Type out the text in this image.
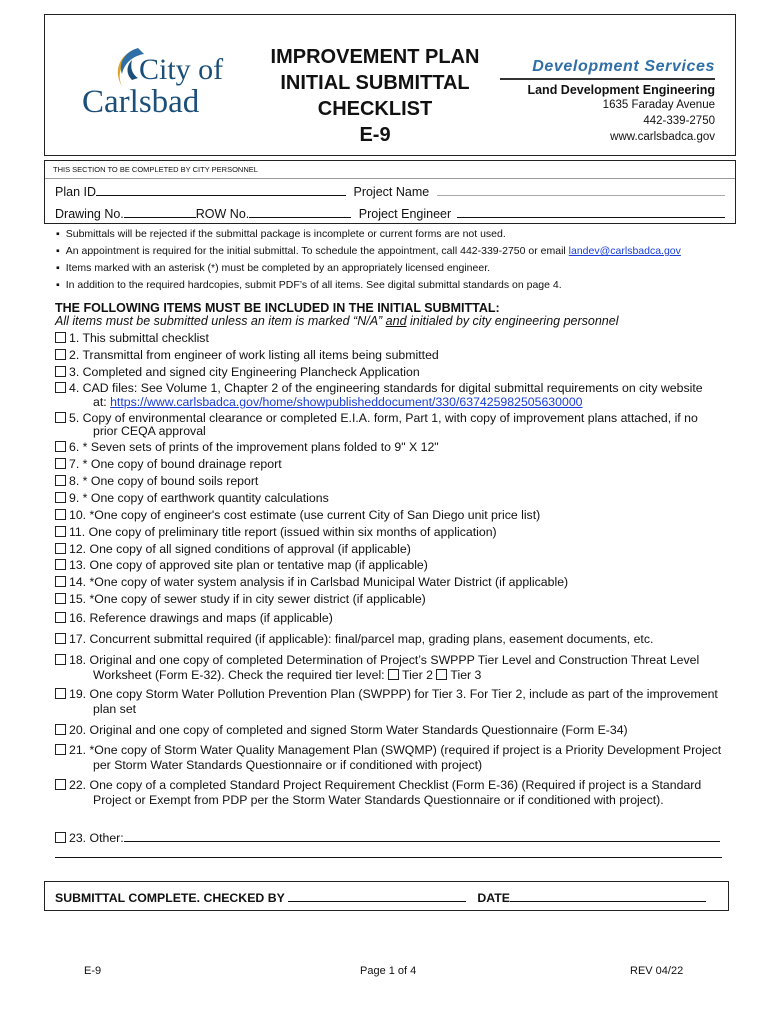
City of
Carlsbad
IMPROVEMENT PLAN
INITIAL SUBMITTAL
CHECKLIST
E-9
Development Services
Land Development Engineering
1635 Faraday Avenue
442-339-2750
www.carlsbadca.gov
THIS SECTION TO BE COMPLETED BY CITY PERSONNEL
Plan ID	Project Name
Drawing No.	ROW No.	Project Engineer
▪ Submittals will be rejected if the submittal package is incomplete or current forms are not used.
▪ An appointment is required for the initial submittal. To schedule the appointment, call 442-339-2750 or email landev@carlsbadca.gov
▪ Items marked with an asterisk (*) must be completed by an appropriately licensed engineer.
▪ In addition to the required hardcopies, submit PDF’s of all items. See digital submittal standards on page 4.
THE FOLLOWING ITEMS MUST BE INCLUDED IN THE INITIAL SUBMITTAL:
All items must be submitted unless an item is marked “N/A” and initialed by city engineering personnel
1. This submittal checklist
2. Transmittal from engineer of work listing all items being submitted
3. Completed and signed city Engineering Plancheck Application
4. CAD files: See Volume 1, Chapter 2 of the engineering standards for digital submittal requirements on city website
at: https://www.carlsbadca.gov/home/showpublisheddocument/330/637425982505630000
5. Copy of environmental clearance or completed E.I.A. form, Part 1, with copy of improvement plans attached, if no
prior CEQA approval
6. * Seven sets of prints of the improvement plans folded to 9" X 12"
7. * One copy of bound drainage report
8. * One copy of bound soils report
9. * One copy of earthwork quantity calculations
10. *One copy of engineer's cost estimate (use current City of San Diego unit price list)
11. One copy of preliminary title report (issued within six months of application)
12. One copy of all signed conditions of approval (if applicable)
13. One copy of approved site plan or tentative map (if applicable)
14. *One copy of water system analysis if in Carlsbad Municipal Water District (if applicable)
15. *One copy of sewer study if in city sewer district (if applicable)
16. Reference drawings and maps (if applicable)
17. Concurrent submittal required (if applicable): final/parcel map, grading plans, easement documents, etc.
18. Original and one copy of completed Determination of Project’s SWPPP Tier Level and Construction Threat Level
Worksheet (Form E-32). Check the required tier level: Tier 2 Tier 3
19. One copy Storm Water Pollution Prevention Plan (SWPPP) for Tier 3. For Tier 2, include as part of the improvement
plan set
20. Original and one copy of completed and signed Storm Water Standards Questionnaire (Form E-34)
21. *One copy of Storm Water Quality Management Plan (SWQMP) (required if project is a Priority Development Project
per Storm Water Standards Questionnaire or if conditioned with project)
22. One copy of a completed Standard Project Requirement Checklist (Form E-36) (Required if project is a Standard
Project or Exempt from PDP per the Storm Water Standards Questionnaire or if conditioned with project).
23. Other:
SUBMITTAL COMPLETE. CHECKED BY	DATE
E-9	Page 1 of 4	REV 04/22
